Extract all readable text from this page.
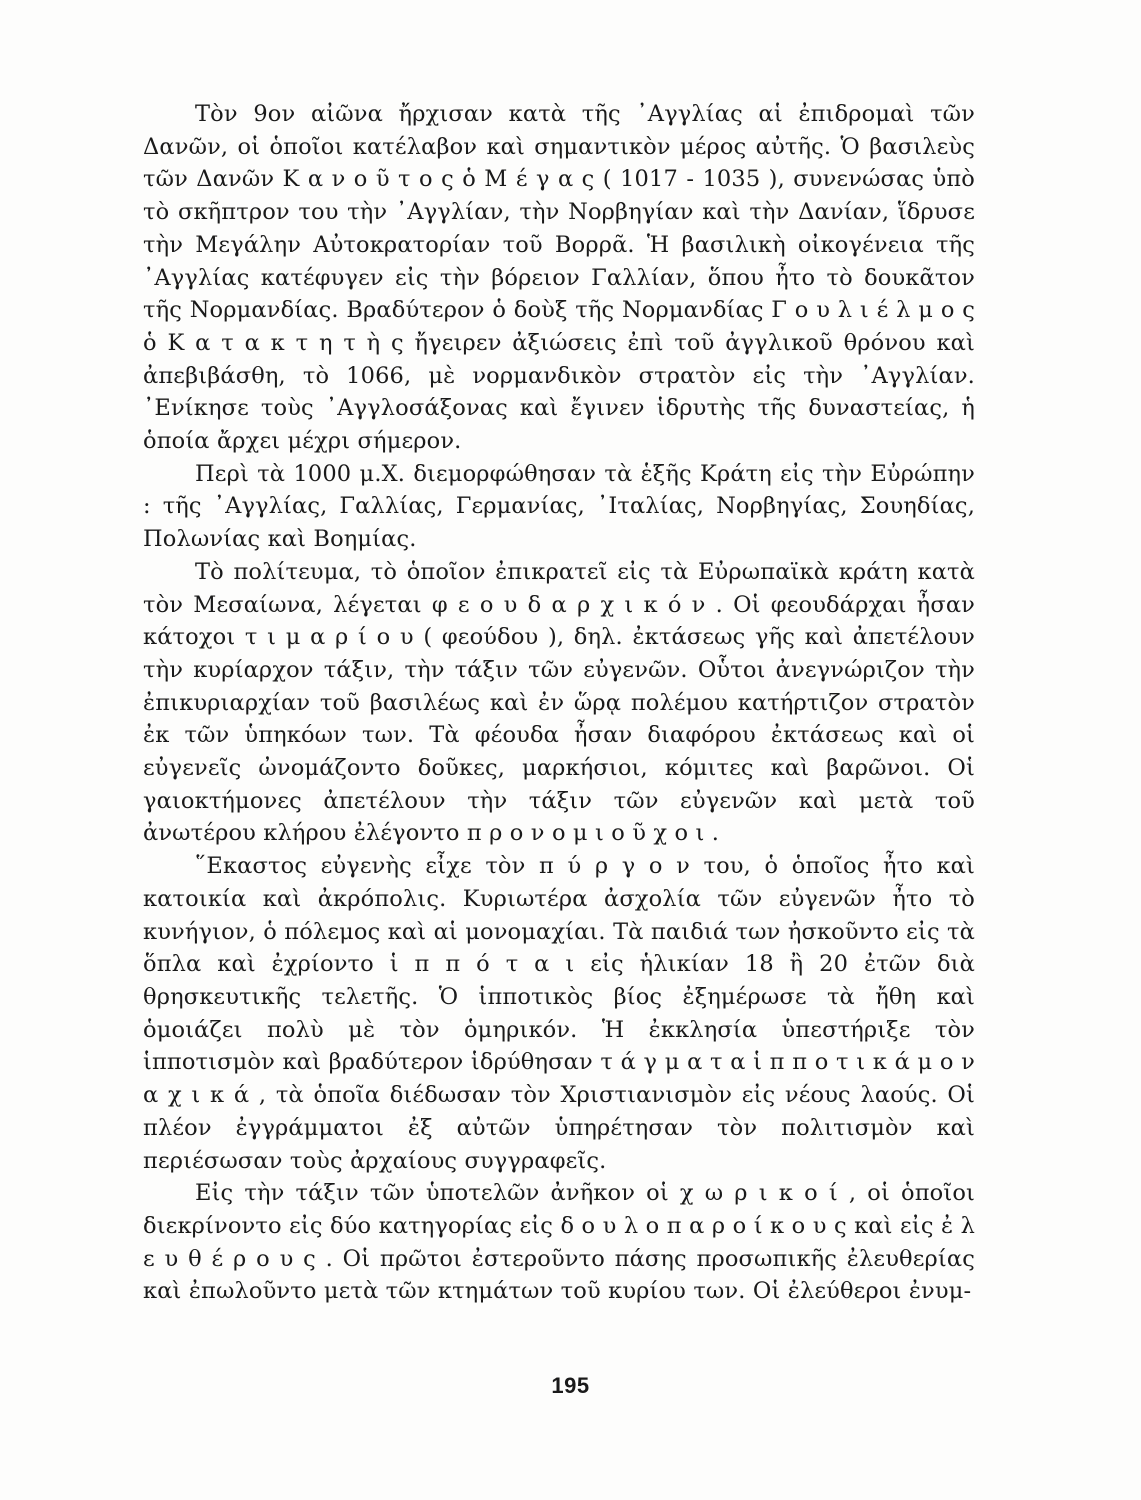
Τὸν 9ον αἰῶνα ἤρχισαν κατὰ τῆς ᾿Αγγλίας αἱ ἐπιδρομαὶ τῶν Δανῶν, οἱ ὁποῖοι κατέλαβον καὶ σημαντικὸν μέρος αὐτῆς. Ὁ βασιλεὺς τῶν Δανῶν Κ α ν ο ῦ τ ο ς ὁ Μ έ γ α ς ( 1017 - 1035 ), συνενώσας ὑπὸ τὸ σκῆπτρον του τὴν ᾿Αγγλίαν, τὴν Νορβηγίαν καὶ τὴν Δανίαν, ἵδρυσε τὴν Μεγάλην Αὐτοκρατορίαν τοῦ Βορρᾶ. Ἡ βασιλικὴ οἰκογένεια τῆς ᾿Αγγλίας κατέφυγεν εἰς τὴν βόρειον Γαλλίαν, ὅπου ἦτο τὸ δουκᾶτον τῆς Νορμανδίας. Βραδύτερον ὁ δοὺξ τῆς Νορμανδίας Γ ο υ λ ι έ λ μ ο ς ὁ Κ α τ α κ τ η τ ὴ ς ἤγειρεν ἀξιώσεις ἐπὶ τοῦ ἀγγλικοῦ θρόνου καὶ ἀπεβιβάσθη, τὸ 1066, μὲ νορμανδικὸν στρατὸν εἰς τὴν ᾿Αγγλίαν. ᾿Ενίκησε τοὺς ᾿Αγγλοσάξονας καὶ ἔγινεν ἱδρυτὴς τῆς δυναστείας, ἡ ὁποία ἄρχει μέχρι σήμερον.

Περὶ τὰ 1000 μ.Χ. διεμορφώθησαν τὰ ἑξῆς Κράτη εἰς τὴν Εὐρώπην : τῆς ᾿Αγγλίας, Γαλλίας, Γερμανίας, ᾿Ιταλίας, Νορβηγίας, Σουηδίας, Πολωνίας καὶ Βοημίας.

Τὸ πολίτευμα, τὸ ὁποῖον ἐπικρατεῖ εἰς τὰ Εὐρωπαϊκὰ κράτη κατὰ τὸν Μεσαίωνα, λέγεται φ ε ο υ δ α ρ χ ι κ ό ν . Οἱ φεουδάρχαι ἦσαν κάτοχοι τ ι μ α ρ ί ο υ ( φεούδου ), δηλ. ἐκτάσεως γῆς καὶ ἀπετέλουν τὴν κυρίαρχον τάξιν, τὴν τάξιν τῶν εὐγενῶν. Οὗτοι ἀνεγνώριζον τὴν ἐπικυριαρχίαν τοῦ βασιλέως καὶ ἐν ὥρᾳ πολέμου κατήρτιζον στρατὸν ἐκ τῶν ὑπηκόων των. Τὰ φέουδα ἦσαν διαφόρου ἐκτάσεως καὶ οἱ εὐγενεῖς ὠνομάζοντο δοῦκες, μαρκήσιοι, κόμιτες καὶ βαρῶνοι. Οἱ γαιοκτήμονες ἀπετέλουν τὴν τάξιν τῶν εὐγενῶν καὶ μετὰ τοῦ ἀνωτέρου κλήρου ἐλέγοντο π ρ ο ν ο μ ι ο ῦ χ ο ι .

῞Εκαστος εὐγενὴς εἶχε τὸν π ύ ρ γ ο ν του, ὁ ὁποῖος ἦτο καὶ κατοικία καὶ ἀκρόπολις. Κυριωτέρα ἀσχολία τῶν εὐγενῶν ἦτο τὸ κυνήγιον, ὁ πόλεμος καὶ αἱ μονομαχίαι. Τὰ παιδιά των ἠσκοῦντο εἰς τὰ ὅπλα καὶ ἐχρίοντο ἱ π π ό τ α ι εἰς ἡλικίαν 18 ἢ 20 ἐτῶν διὰ θρησκευτικῆς τελετῆς. Ὁ ἱπποτικὸς βίος ἐξημέρωσε τὰ ἤθη καὶ ὁμοιάζει πολὺ μὲ τὸν ὁμηρικόν. Ἡ ἐκκλησία ὑπεστήριξε τὸν ἱπποτισμὸν καὶ βραδύτερον ἱδρύθησαν τ ά γ μ α τ α ἱ π π ο τ ι κ ά μ ο ν α χ ι κ ά , τὰ ὁποῖα διέδωσαν τὸν Χριστιανισμὸν εἰς νέους λαούς. Οἱ πλέον ἐγγράμματοι ἐξ αὐτῶν ὑπηρέτησαν τὸν πολιτισμὸν καὶ περιέσωσαν τοὺς ἀρχαίους συγγραφεῖς.

Εἰς τὴν τάξιν τῶν ὑποτελῶν ἀνῆκον οἱ χ ω ρ ι κ ο ί , οἱ ὁποῖοι διεκρίνοντο εἰς δύο κατηγορίας εἰς δ ο υ λ ο π α ρ ο ί κ ο υ ς καὶ εἰς ἐ λ ε υ θ έ ρ ο υ ς . Οἱ πρῶτοι ἐστεροῦντο πάσης προσωπικῆς ἐλευθερίας καὶ ἐπωλοῦντο μετὰ τῶν κτημάτων τοῦ κυρίου των. Οἱ ἐλεύθεροι ἐνυμ-

195
